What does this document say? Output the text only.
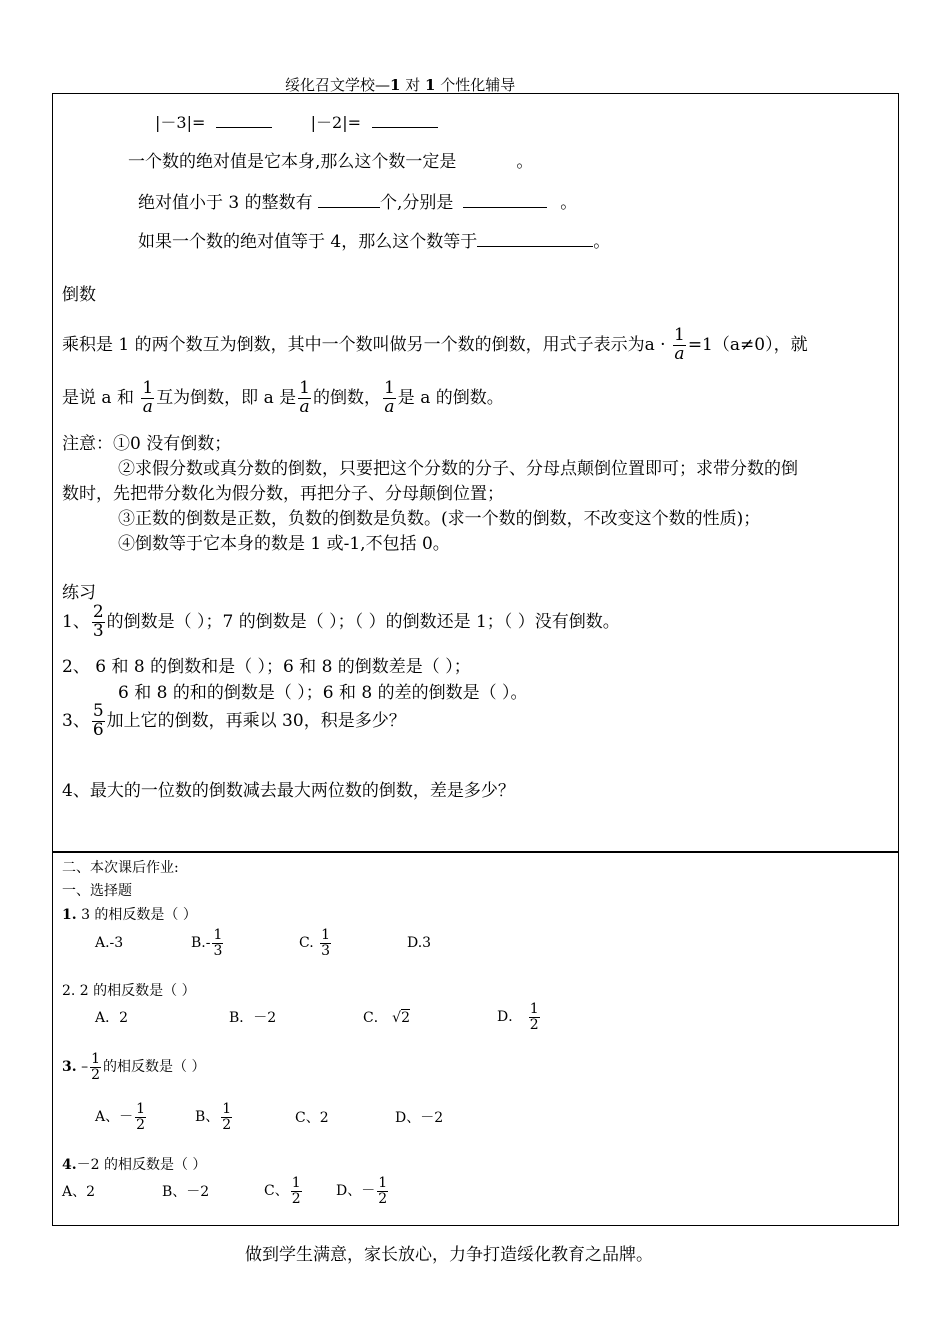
绥化召文学校—1 对 1 个性化辅导
|－3|=	|－2|=
一个数的绝对值是它本身,那么这个数一定是	。
绝对值小于 3 的整数有	个,分别是	。
如果一个数的绝对值等于 4，那么这个数等于	。
倒数
乘积是 1 的两个数互为倒数，其中一个数叫做另一个数的倒数，用式子表示为$a \cdot \frac{1}{a} =1(a\ne 0)$，就
是说 a 和 $\frac{1}{a}$ 互为倒数，即 a 是 $\frac{1}{a}$ 的倒数， $\frac{1}{a}$ 是 a 的倒数。
注意：①0 没有倒数；
②求假分数或真分数的倒数，只要把这个分数的分子、分母点颠倒位置即可；求带分数的倒
数时，先把带分数化为假分数，再把分子、分母颠倒位置；
③正数的倒数是正数，负数的倒数是负数。(求一个数的倒数，不改变这个数的性质)；
④倒数等于它本身的数是 1 或-1,不包括 0。
练习
1、 $\frac{2}{3}$ 的倒数是（ ）；7 的倒数是（ ）；（ ）的倒数还是 1；（ ）没有倒数。
2、 6 和 8 的倒数和是（ ）；6 和 8 的倒数差是（ ）；
6 和 8 的和的倒数是（ ）；6 和 8 的差的倒数是（ ）。
3、 $\frac{5}{6}$ 加上它的倒数，再乘以 30，积是多少？
4、最大的一位数的倒数减去最大两位数的倒数，差是多少？
二、本次课后作业:
一、选择题
1. 3 的相反数是（ ）
A.-3	$B.- \frac{1}{3}$	C. $\frac{1}{3}$	D.3
2. 2 的相反数是（ ）
A．2	B．－2	C． √2	D． $\frac{1}{2}$
3. – $\frac{1}{2}$ 的相反数是（ ）
A、－ $\frac{1}{2}$	B、 $\frac{1}{2}$	C、2	D、－2
4.－2 的相反数是（ ）
A、2	B、－2	C、 $\frac{1}{2}$ D、－ $\frac{1}{2}$
做到学生满意，家长放心，力争打造绥化教育之品牌。
